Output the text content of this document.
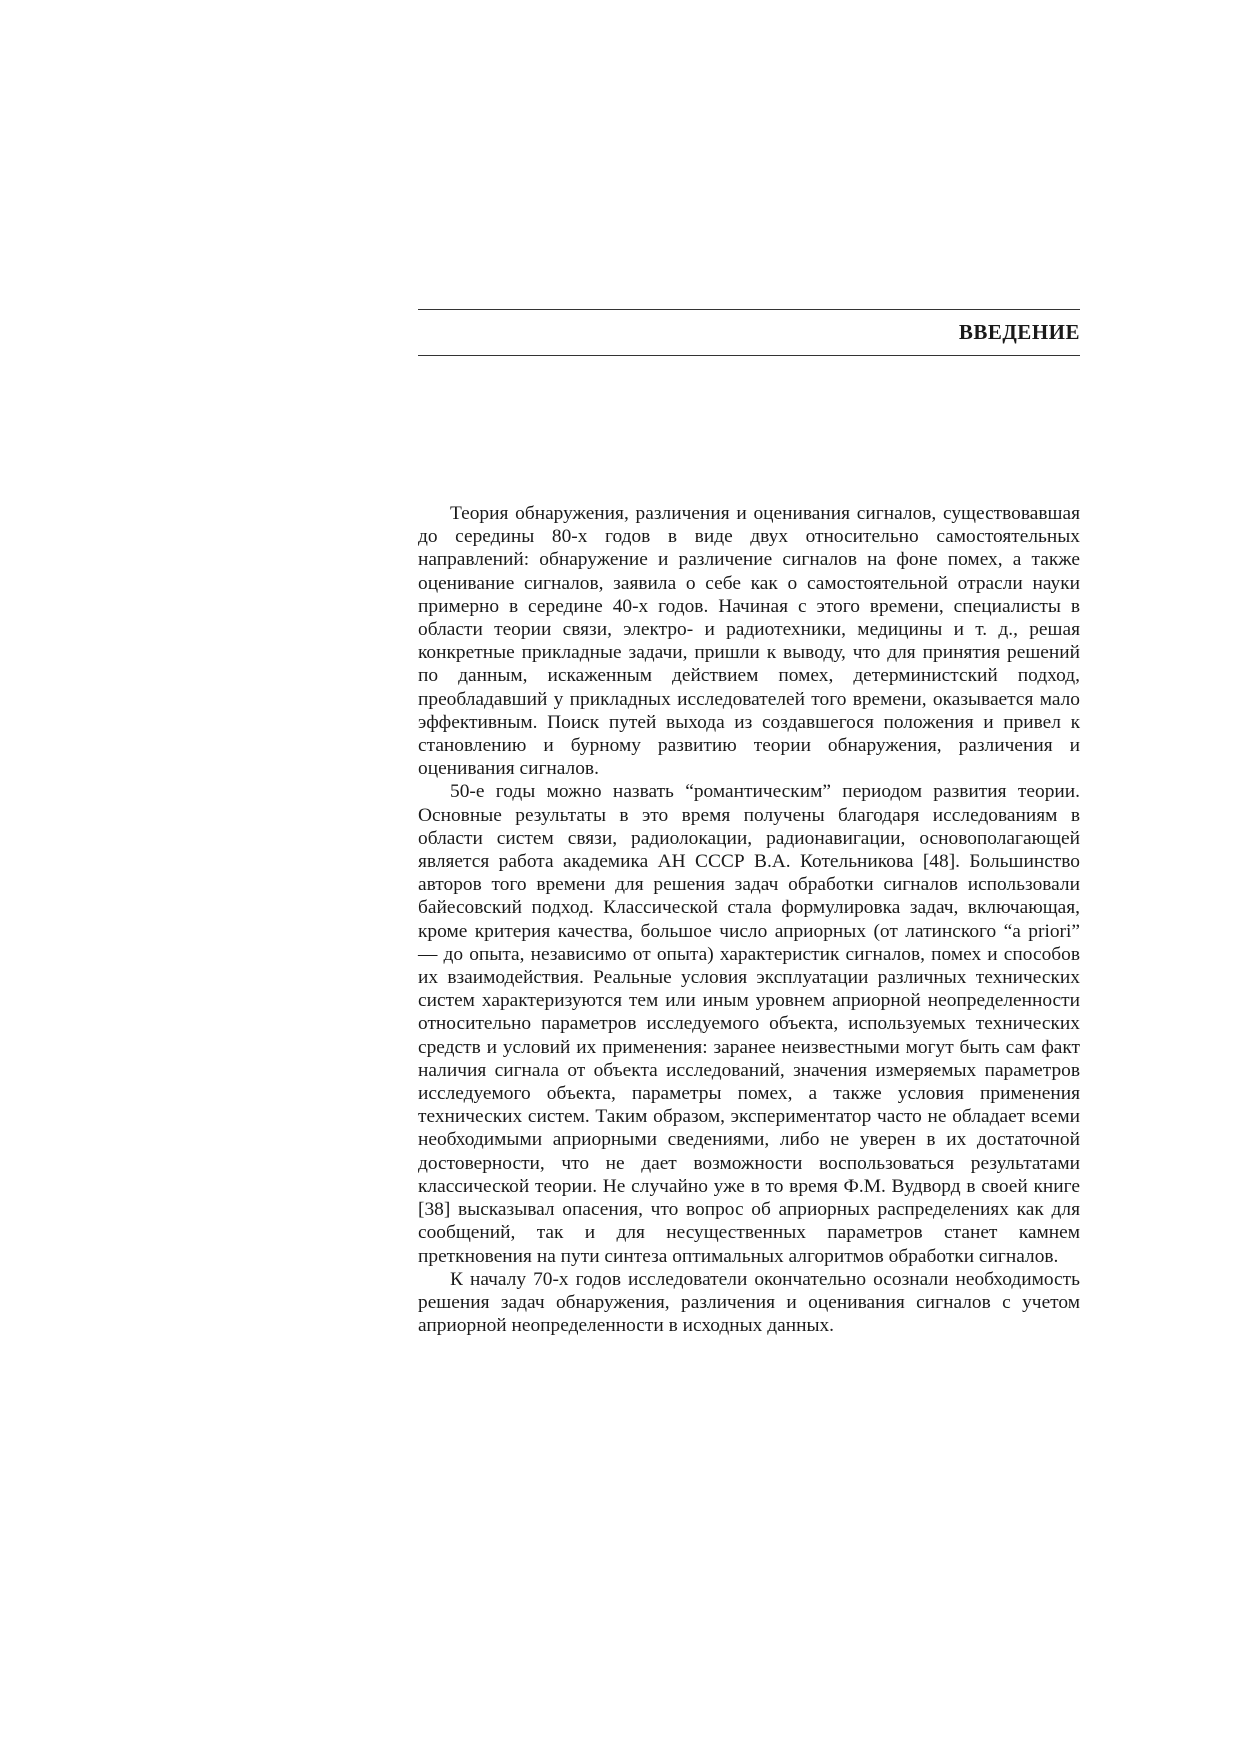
ВВЕДЕНИЕ

Теория обнаружения, различения и оценивания сигналов, существовавшая до середины 80-х годов в виде двух относительно самостоятельных направлений: обнаружение и различение сигналов на фоне помех, а также оценивание сигналов, заявила о себе как о самостоятельной отрасли науки примерно в середине 40-х годов. Начиная с этого времени, специалисты в области теории связи, электро- и радиотехники, медицины и т. д., решая конкретные прикладные задачи, пришли к выводу, что для принятия решений по данным, искаженным действием помех, детерминистский подход, преобладавший у прикладных исследователей того времени, оказывается мало эффективным. Поиск путей выхода из создавшегося положения и привел к становлению и бурному развитию теории обнаружения, различения и оценивания сигналов.

50-е годы можно назвать “романтическим” периодом развития теории. Основные результаты в это время получены благодаря исследованиям в области систем связи, радиолокации, радионавигации, основополагающей является работа академика АН СССР В.А. Котельникова [48]. Большинство авторов того времени для решения задач обработки сигналов использовали байесовский подход. Классической стала формулировка задач, включающая, кроме критерия качества, большое число априорных (от латинского “a priori” — до опыта, независимо от опыта) характеристик сигналов, помех и способов их взаимодействия. Реальные условия эксплуатации различных технических систем характеризуются тем или иным уровнем априорной неопределенности относительно параметров исследуемого объекта, используемых технических средств и условий их применения: заранее неизвестными могут быть сам факт наличия сигнала от объекта исследований, значения измеряемых параметров исследуемого объекта, параметры помех, а также условия применения технических систем. Таким образом, экспериментатор часто не обладает всеми необходимыми априорными сведениями, либо не уверен в их достаточной достоверности, что не дает возможности воспользоваться результатами классической теории. Не случайно уже в то время Ф.М. Вудворд в своей книге [38] высказывал опасения, что вопрос об априорных распределениях как для сообщений, так и для несущественных параметров станет камнем преткновения на пути синтеза оптимальных алгоритмов обработки сигналов.

К началу 70-х годов исследователи окончательно осознали необходимость решения задач обнаружения, различения и оценивания сигналов с учетом априорной неопределенности в исходных данных.
